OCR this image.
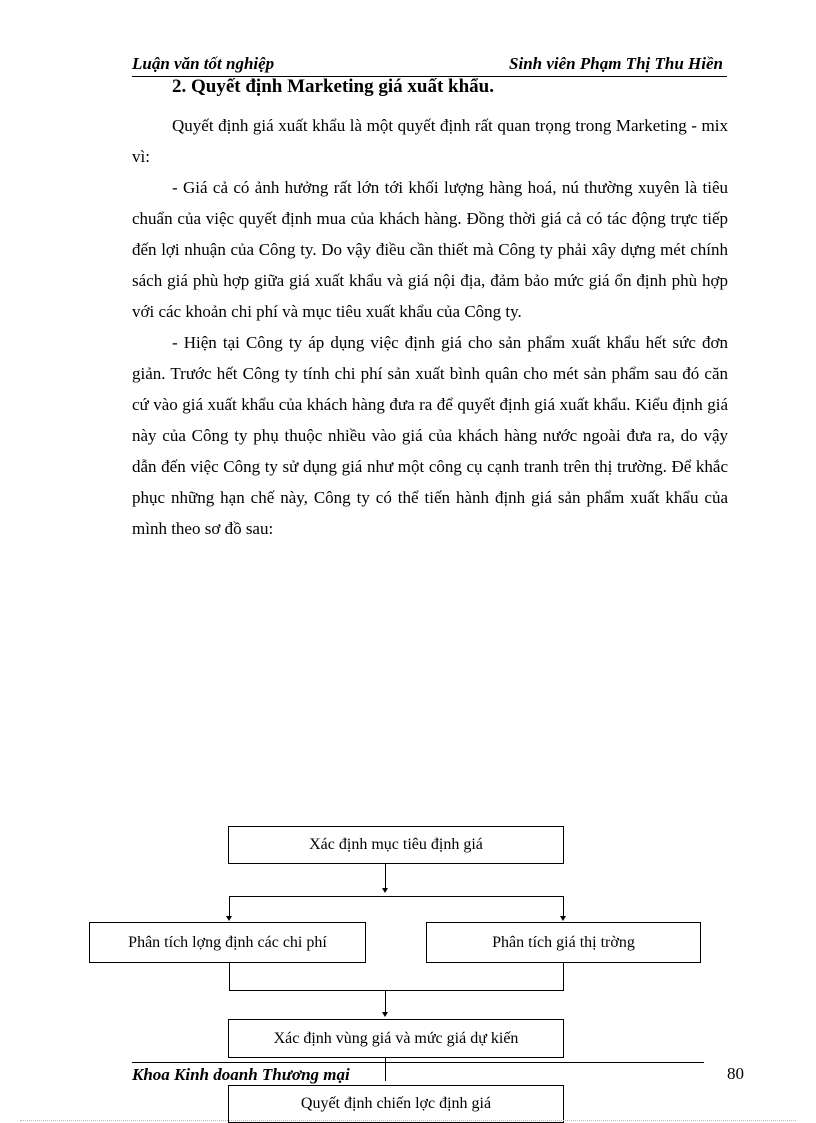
Luận văn tốt nghiệp	Sinh viên Phạm Thị Thu Hiền
2. Quyết định Marketing giá xuất khẩu.

Quyết định giá xuất khẩu là một quyết định rất quan trọng trong Marketing - mix vì:

- Giá cả có ảnh hưởng rất lớn tới khối lượng hàng hoá, nú thường xuyên là tiêu chuẩn của việc quyết định mua của khách hàng. Đồng thời giá cả có tác động trực tiếp đến lợi nhuận của Công ty. Do vậy điều cần thiết mà Công ty phải xây dựng mét chính sách giá phù hợp giữa giá xuất khẩu và giá nội địa, đảm bảo mức giá ổn định phù hợp với các khoản chi phí và mục tiêu xuất khẩu của Công ty.

- Hiện tại Công ty áp dụng việc định giá cho sản phẩm xuất khẩu hết sức đơn giản. Trước hết Công ty tính chi phí sản xuất bình quân cho mét sản phẩm sau đó căn cứ vào giá xuất khẩu của khách hàng đưa ra để quyết định giá xuất khẩu. Kiểu định giá này của Công ty phụ thuộc nhiều vào giá của khách hàng nước ngoài đưa ra, do vậy dẫn đến việc Công ty sử dụng giá như một công cụ cạnh tranh trên thị trường. Để khắc phục những hạn chế này, Công ty có thể tiến hành định giá sản phẩm xuất khẩu của mình theo sơ đồ sau:

Xác định mục tiêu định giá
Phân tích lợng định các chi phí	Phân tích giá thị trờng
Xác định vùng giá và mức giá dự kiến
Quyết định chiến lợc định giá
Khoa Kinh doanh Thương mại	80
